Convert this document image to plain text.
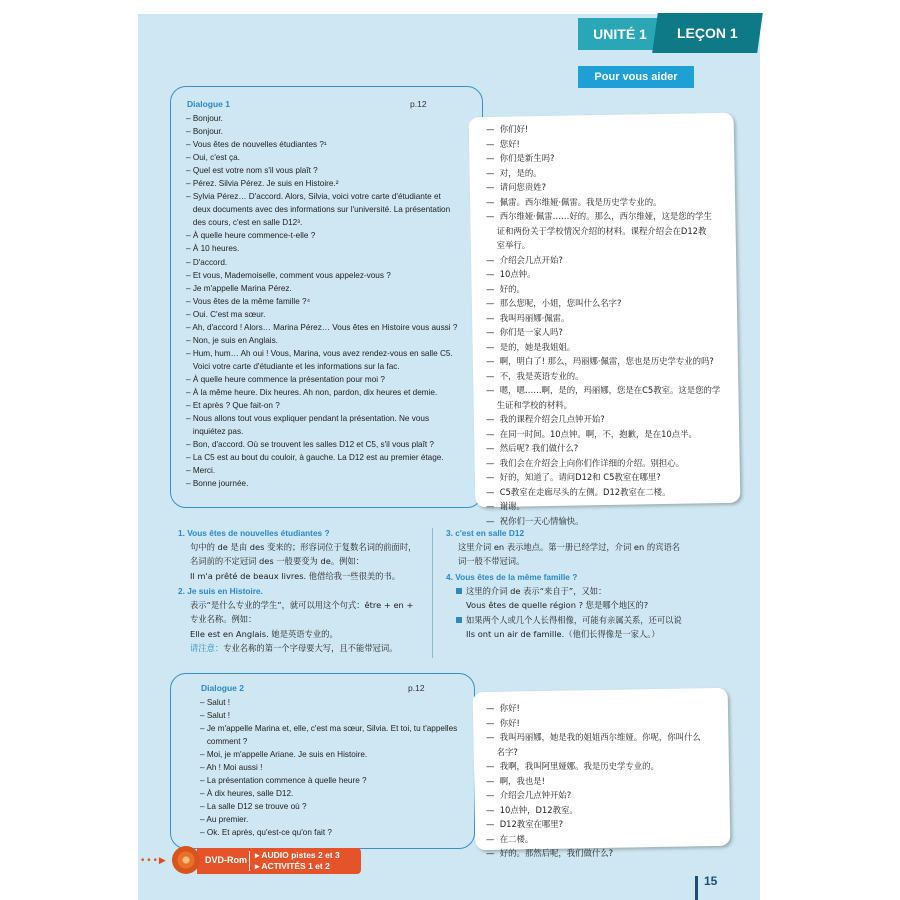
UNITÉ 1	LEÇON 1
Pour vous aider
Dialogue 1	p.12
– Bonjour.
– Bonjour.
– Vous êtes de nouvelles étudiantes ?¹
– Oui, c'est ça.
– Quel est votre nom s'il vous plaît ?
– Pérez. Silvia Pérez. Je suis en Histoire.²
– Sylvia Pérez… D'accord. Alors, Silvia, voici votre carte d'étudiante et
deux documents avec des informations sur l'université. La présentation
des cours, c'est en salle D12³.
– À quelle heure commence-t-elle ?
– À 10 heures.
– D'accord.
– Et vous, Mademoiselle, comment vous appelez-vous ?
– Je m'appelle Marina Pérez.
– Vous êtes de la même famille ?⁴
– Oui. C'est ma sœur.
– Ah, d'accord ! Alors… Marina Pérez… Vous êtes en Histoire vous aussi ?
– Non, je suis en Anglais.
– Hum, hum… Ah oui ! Vous, Marina, vous avez rendez-vous en salle C5.
Voici votre carte d'étudiante et les informations sur la fac.
– À quelle heure commence la présentation pour moi ?
– À la même heure. Dix heures. Ah non, pardon, dix heures et demie.
– Et après ? Que fait-on ?
– Nous allons tout vous expliquer pendant la présentation. Ne vous
inquiétez pas.
– Bon, d'accord. Où se trouvent les salles D12 et C5, s'il vous plaît ?
– La C5 est au bout du couloir, à gauche. La D12 est au premier étage.
– Merci.
– Bonne journée.
—  你们好!
—  您好!
—  你们是新生吗?
—  对，是的。
—  请问您贵姓?
—  佩雷。西尔维娅·佩雷。我是历史学专业的。
—  西尔维娅·佩雷……好的。那么，西尔维娅，这是您的学生
证和两份关于学校情况介绍的材料。课程介绍会在D12教
室举行。
—  介绍会几点开始?
—  10点钟。
—  好的。
—  那么您呢，小姐，您叫什么名字?
—  我叫玛丽娜·佩雷。
—  你们是一家人吗?
—  是的，她是我姐姐。
—  啊，明白了! 那么，玛丽娜·佩雷，您也是历史学专业的吗?
—  不，我是英语专业的。
—  嗯，嗯……啊，是的，玛丽娜，您是在C5教室。这是您的学
生证和学校的材料。
—  我的课程介绍会几点钟开始?
—  在同一时间。10点钟。啊，不，抱歉，是在10点半。
—  然后呢? 我们做什么?
—  我们会在介绍会上向你们作详细的介绍。别担心。
—  好的，知道了。请问D12和 C5教室在哪里?
—  C5教室在走廊尽头的左侧。D12教室在二楼。
—  谢谢。
—  祝你们一天心情愉快。
1. Vous êtes de nouvelles étudiantes ?
句中的 de 是由 des 变来的；形容词位于复数名词的前面时，
名词前的不定冠词 des 一般要变为 de。例如：
Il m'a prêté de beaux livres. 他借给我一些很美的书。
2. Je suis en Histoire.
表示“是什么专业的学生”，就可以用这个句式：être + en +
专业名称。例如：
Elle est en Anglais. 她是英语专业的。
请注意：专业名称的第一个字母要大写，且不能带冠词。
3. c'est en salle D12
这里介词 en 表示地点。第一册已经学过，介词 en 的宾语名
词一般不带冠词。
4. Vous êtes de la même famille ?
这里的介词 de 表示“来自于”，又如：
Vous êtes de quelle région ? 您是哪个地区的?
如果两个人或几个人长得相像，可能有亲属关系，还可以说
Ils ont un air de famille.（他们长得像是一家人。）
Dialogue 2	p.12
– Salut !
– Salut !
– Je m'appelle Marina et, elle, c'est ma sœur, Silvia. Et toi, tu t'appelles
comment ?
– Moi, je m'appelle Ariane. Je suis en Histoire.
– Ah ! Moi aussi !
– La présentation commence à quelle heure ?
– À dix heures, salle D12.
– La salle D12 se trouve où ?
– Au premier.
– Ok. Et après, qu'est-ce qu'on fait ?
—  你好!
—  你好!
—  我叫玛丽娜，她是我的姐姐西尔维娅。你呢，你叫什么
名字?
—  我啊，我叫阿里娅娜。我是历史学专业的。
—  啊，我也是!
—  介绍会几点钟开始?
—  10点钟，D12教室。
—  D12教室在哪里?
—  在二楼。
—  好的。那然后呢，我们做什么?
•••▶	DVD-Rom ▸ AUDIO pistes 2 et 3
▸ ACTIVITÉS 1 et 2
15
